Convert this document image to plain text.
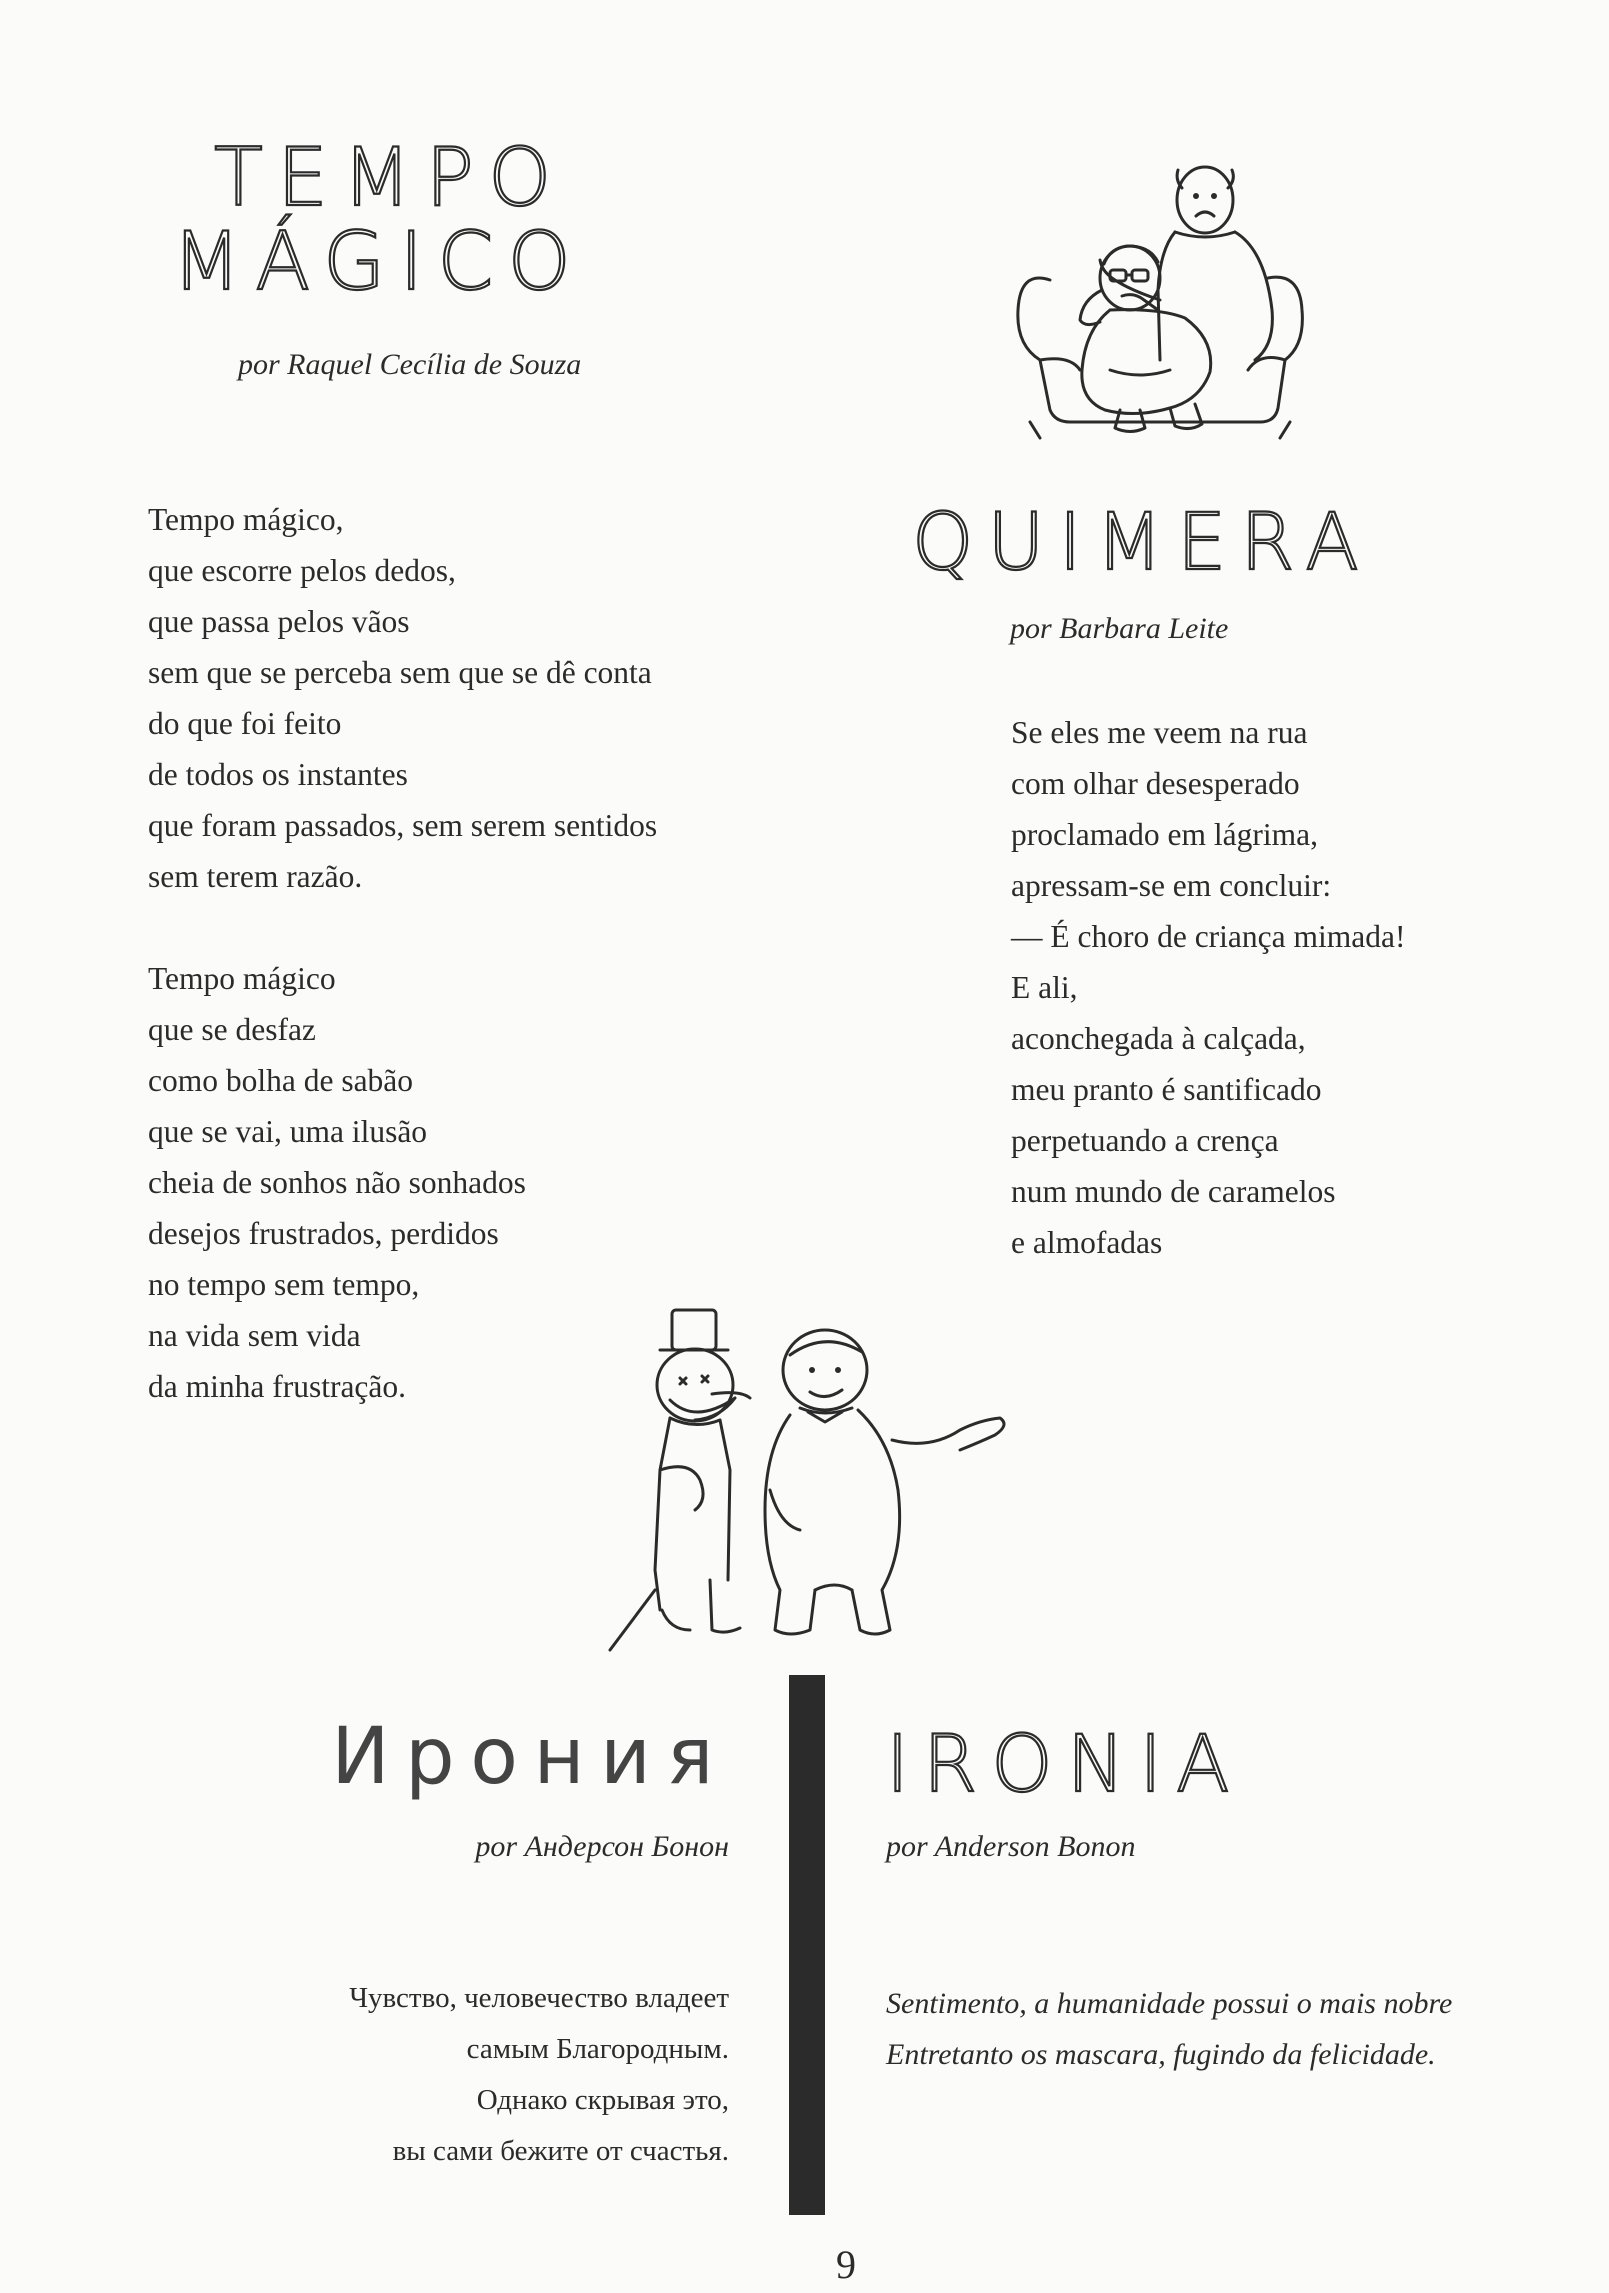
TEMPO
MÁGICO
por Raquel Cecília de Souza

Tempo mágico,
que escorre pelos dedos,
que passa pelos vãos
sem que se perceba sem que se dê conta
do que foi feito
de todos os instantes
que foram passados, sem serem sentidos
sem terem razão.

Tempo mágico
que se desfaz
como bolha de sabão
que se vai, uma ilusão
cheia de sonhos não sonhados
desejos frustrados, perdidos
no tempo sem tempo,
na vida sem vida
da minha frustração.

QUIMERA
por Barbara Leite

Se eles me veem na rua
com olhar desesperado
proclamado em lágrima,
apressam-se em concluir:
— É choro de criança mimada!
E ali,
aconchegada à calçada,
meu pranto é santificado
perpetuando a crença
num mundo de caramelos
e almofadas

Ирония
por Андерсон Бонон

Чувство, человечество владеет
самым Благородным.
Однако скрывая это,
вы сами бежите от счастья.

IRONIA
por Anderson Bonon

Sentimento, a humanidade possui o mais nobre
Entretanto os mascara, fugindo da felicidade.

9
